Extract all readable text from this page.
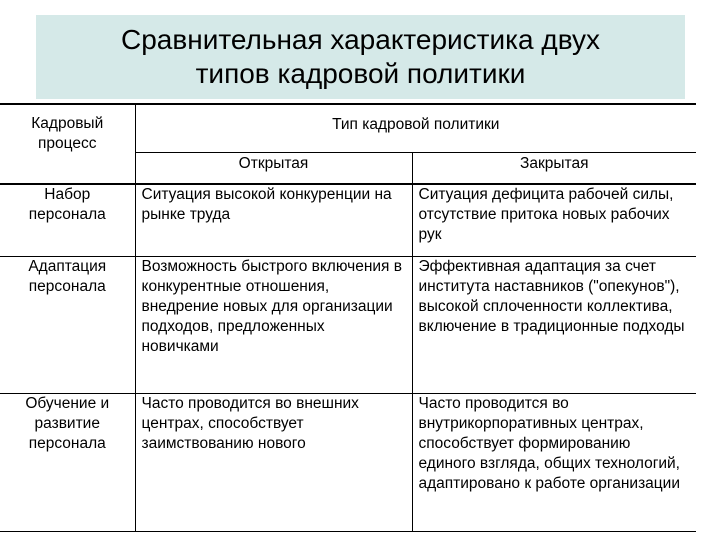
Сравнительная характеристика двух
типов кадровой политики
Кадровый процесс	Тип кадровой политики	
	Открытая	Закрытая
Набор персонала	Ситуация высокой конкуренции на рынке труда	Ситуация дефицита рабочей силы, отсутствие притока новых рабочих рук
Адаптация персонала	Возможность быстрого включения в конкурентные отношения, внедрение новых для организации подходов, предложенных новичками	Эффективная адаптация за счет института наставников ("опекунов"), высокой сплоченности коллектива, включение в традиционные подходы
Обучение и развитие персонала	Часто проводится во внешних центрах, способствует заимствованию нового	Часто проводится во внутрикорпоративных центрах, способствует формированию единого взгляда, общих технологий, адаптировано к работе организации
